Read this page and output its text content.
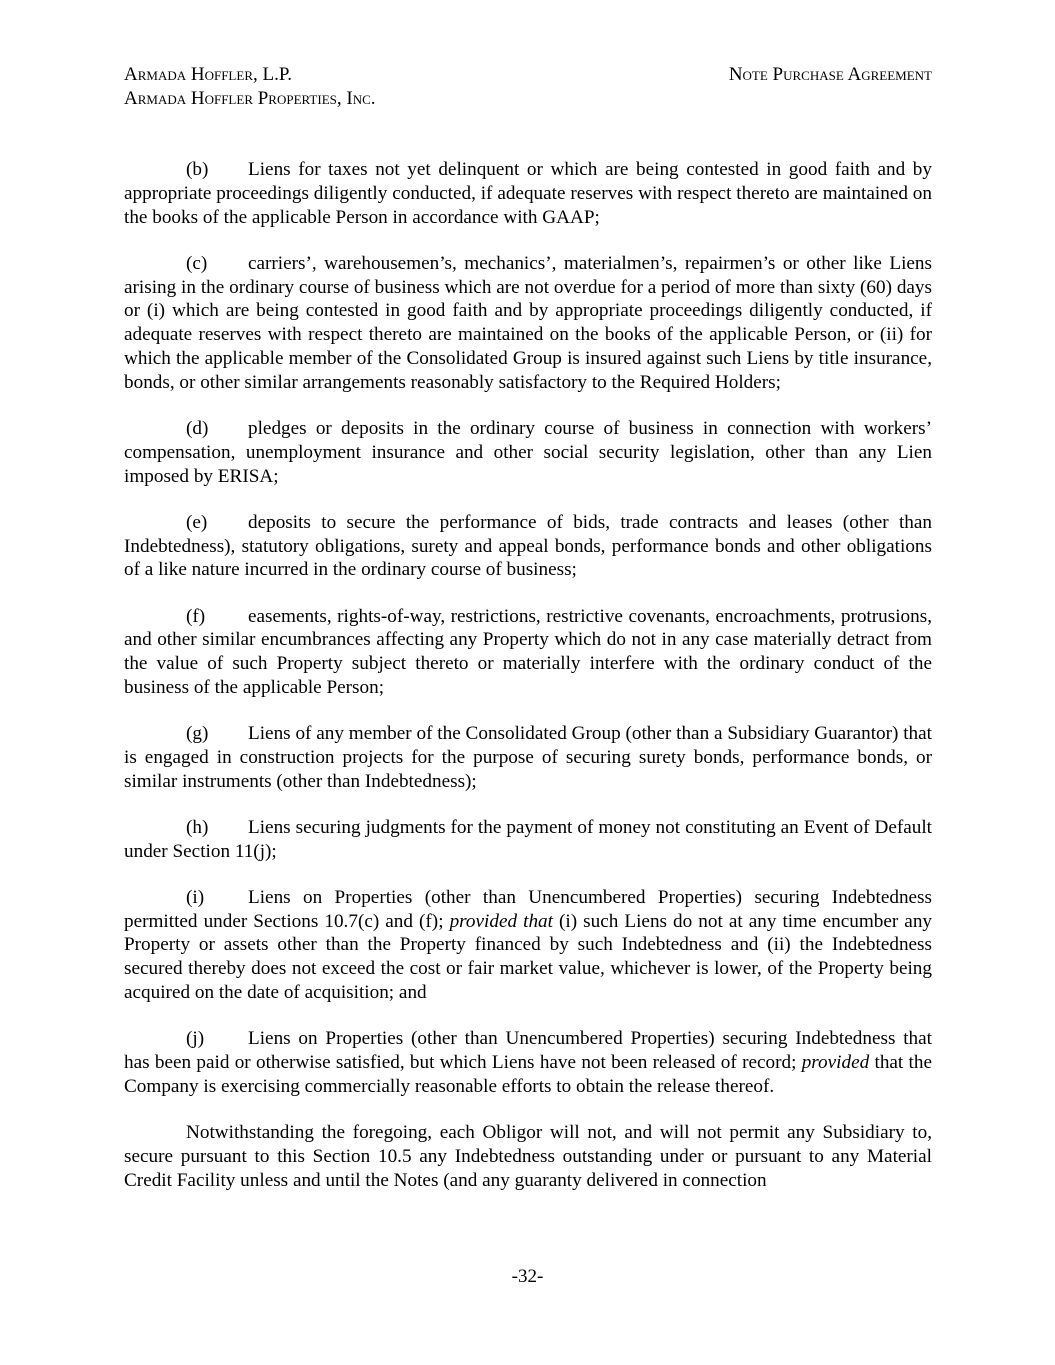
Armada Hoffler, L.P.
Armada Hoffler Properties, Inc.
Note Purchase Agreement

(b) Liens for taxes not yet delinquent or which are being contested in good faith and by appropriate proceedings diligently conducted, if adequate reserves with respect thereto are maintained on the books of the applicable Person in accordance with GAAP;

(c) carriers’, warehousemen’s, mechanics’, materialmen’s, repairmen’s or other like Liens arising in the ordinary course of business which are not overdue for a period of more than sixty (60) days or (i) which are being contested in good faith and by appropriate proceedings diligently conducted, if adequate reserves with respect thereto are maintained on the books of the applicable Person, or (ii) for which the applicable member of the Consolidated Group is insured against such Liens by title insurance, bonds, or other similar arrangements reasonably satisfactory to the Required Holders;

(d) pledges or deposits in the ordinary course of business in connection with workers’ compensation, unemployment insurance and other social security legislation, other than any Lien imposed by ERISA;

(e) deposits to secure the performance of bids, trade contracts and leases (other than Indebtedness), statutory obligations, surety and appeal bonds, performance bonds and other obligations of a like nature incurred in the ordinary course of business;

(f) easements, rights-of-way, restrictions, restrictive covenants, encroachments, protrusions, and other similar encumbrances affecting any Property which do not in any case materially detract from the value of such Property subject thereto or materially interfere with the ordinary conduct of the business of the applicable Person;

(g) Liens of any member of the Consolidated Group (other than a Subsidiary Guarantor) that is engaged in construction projects for the purpose of securing surety bonds, performance bonds, or similar instruments (other than Indebtedness);

(h) Liens securing judgments for the payment of money not constituting an Event of Default under Section 11(j);

(i) Liens on Properties (other than Unencumbered Properties) securing Indebtedness permitted under Sections 10.7(c) and (f); provided that (i) such Liens do not at any time encumber any Property or assets other than the Property financed by such Indebtedness and (ii) the Indebtedness secured thereby does not exceed the cost or fair market value, whichever is lower, of the Property being acquired on the date of acquisition; and

(j) Liens on Properties (other than Unencumbered Properties) securing Indebtedness that has been paid or otherwise satisfied, but which Liens have not been released of record; provided that the Company is exercising commercially reasonable efforts to obtain the release thereof.

Notwithstanding the foregoing, each Obligor will not, and will not permit any Subsidiary to, secure pursuant to this Section 10.5 any Indebtedness outstanding under or pursuant to any Material Credit Facility unless and until the Notes (and any guaranty delivered in connection

-32-
